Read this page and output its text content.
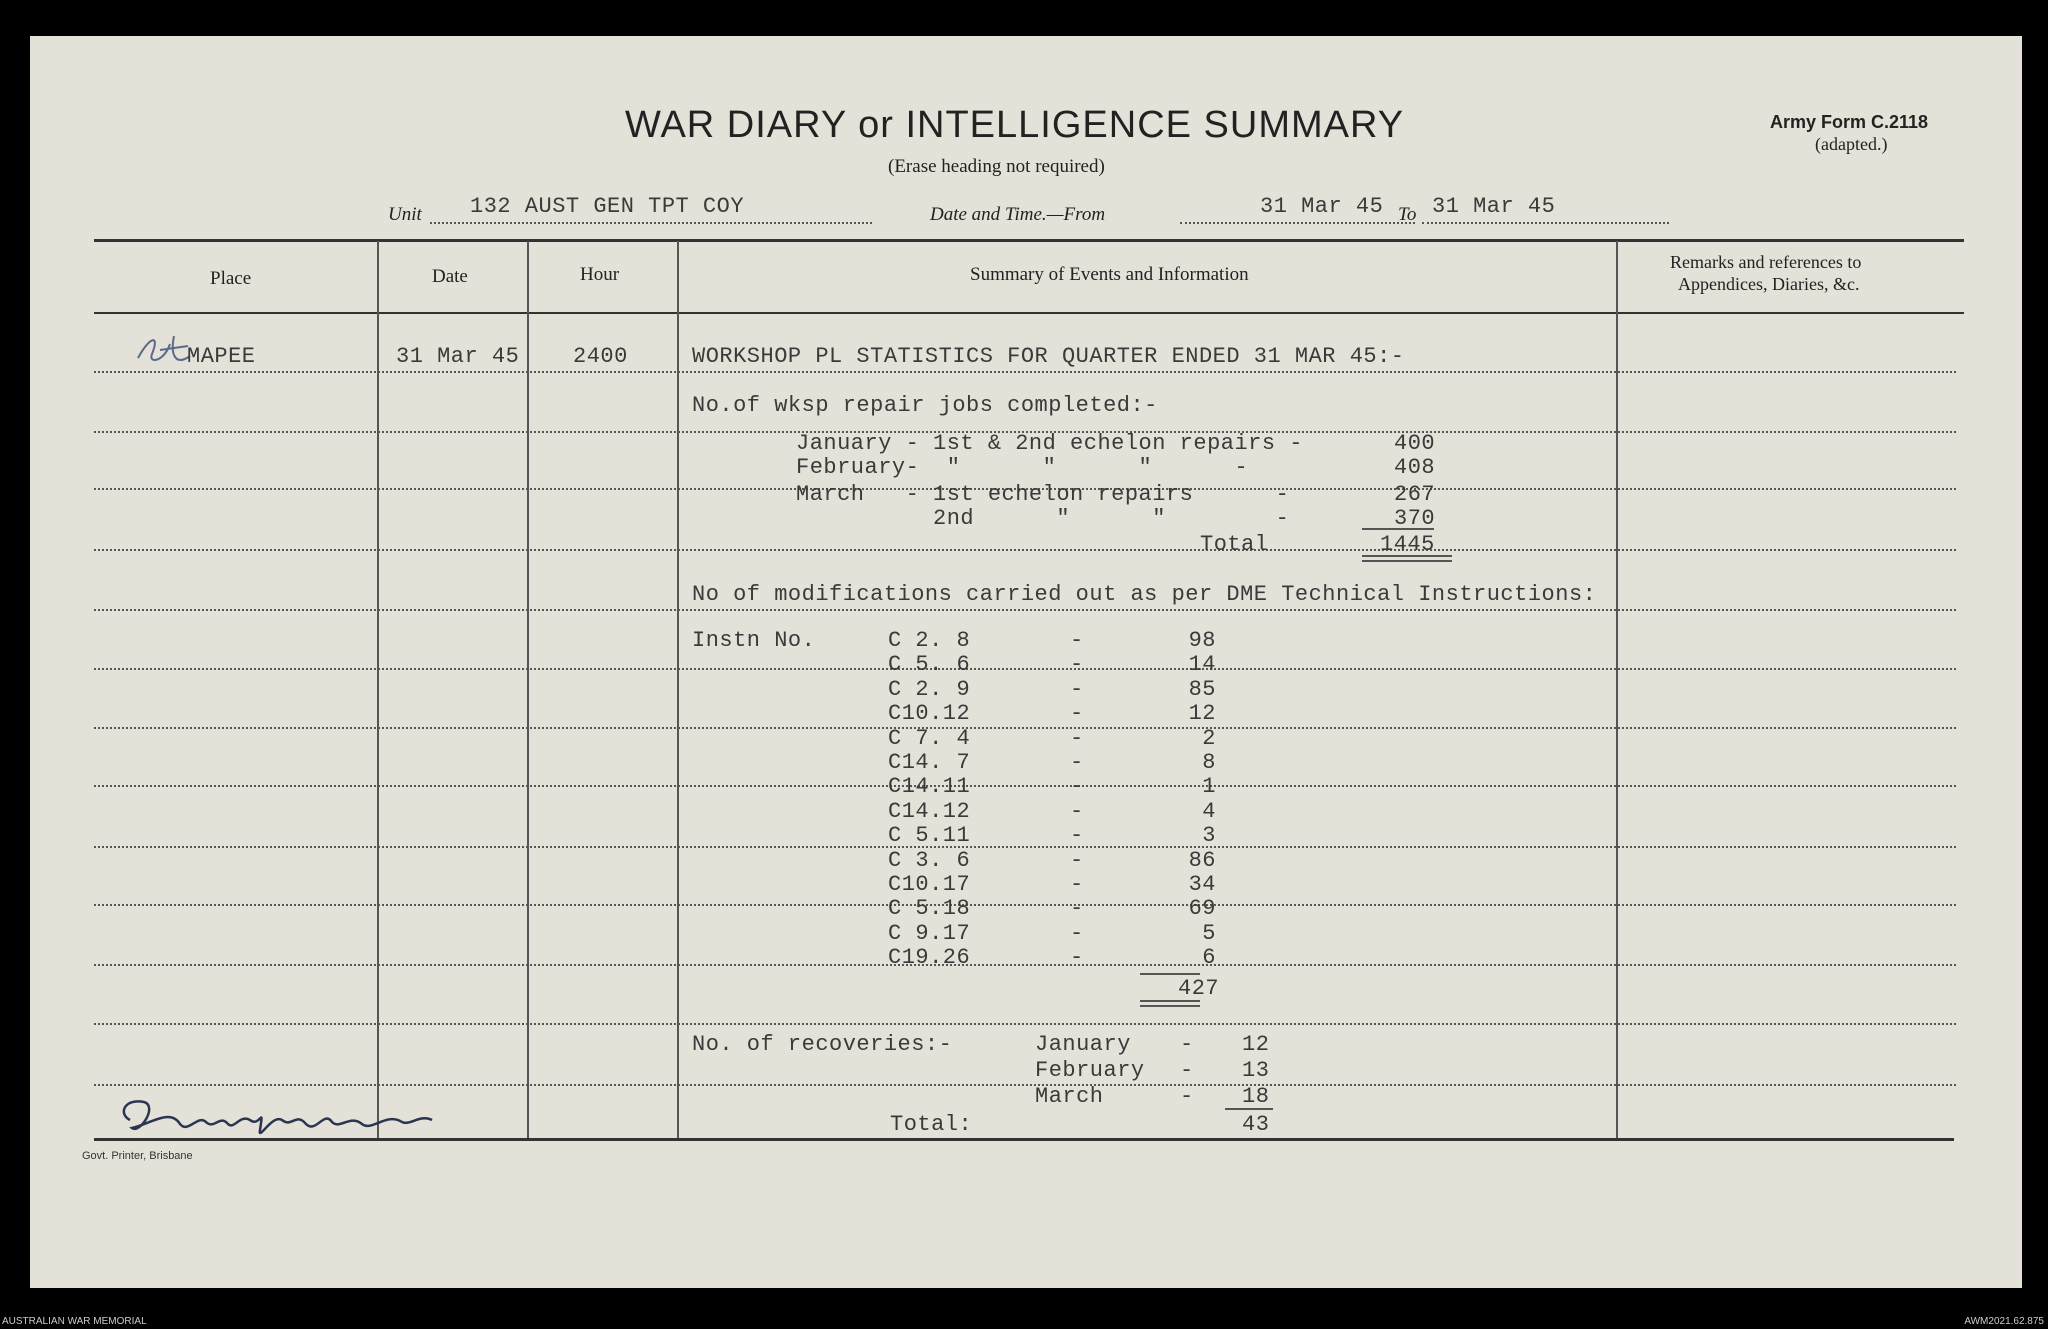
WAR DIARY or INTELLIGENCE SUMMARY
(Erase heading not required)
Army Form C.2118
(adapted.)
Unit 132 AUST GEN TPT COY	Date and Time.—From	31 Mar 45 To 31 Mar 45
Place	Date	Hour	Summary of Events and Information
Remarks and references to
Appendices, Diaries, &c.
MAPEE	31 Mar 45 2400	WORKSHOP PL STATISTICS FOR QUARTER ENDED 31 MAR 45:-
No.of wksp repair jobs completed:-
January - 1st & 2nd echelon repairs -	400
February-  "      "      "      -	408
March   - 1st echelon repairs      -	267
2nd      "      "        -	370
Total	1445
No of modifications carried out as per DME Technical Instructions:
Instn No.	C 2. 8	-	98
C 5. 6	-	14
C 2. 9	-	85
C10.12	-	12
C 7. 4	-	2
C14. 7	-	8
C14.11	-	1
C14.12	-	4
C 5.11	-	3
C 3. 6	-	86
C10.17	-	34
C 5.18	-	69
C 9.17	-	5
C19.26	-	6
427
No. of recoveries:-	January - 12
February - 13
March	- 18
Total:	43
Govt. Printer, Brisbane
AUSTRALIAN WAR MEMORIAL	AWM2021.62.875
